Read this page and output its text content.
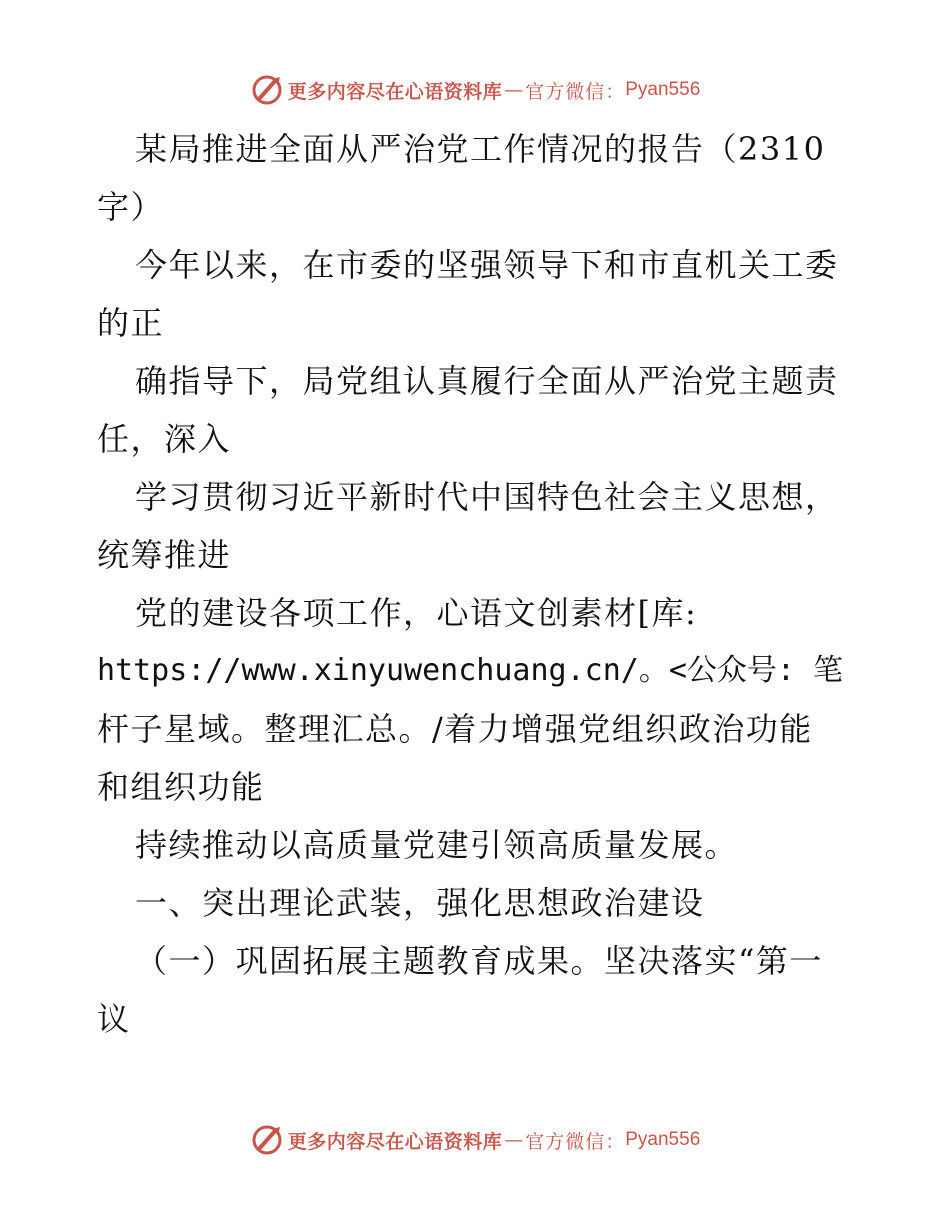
更多内容尽在心语资料库 — 官方微信： Pyan556
某局推进全面从严治党工作情况的报告（2310
字）
今年以来，在市委的坚强领导下和市直机关工委
的正
确指导下，局党组认真履行全面从严治党主题责
任，深入
学习贯彻习近平新时代中国特色社会主义思想，
统筹推进
党的建设各项工作，心语文创素材[库:
https://www.xinyuwenchuang.cn/。<公众号: 笔
杆子星域。整理汇总。/着力增强党组织政治功能
和组织功能
持续推动以高质量党建引领高质量发展。
一、突出理论武装，强化思想政治建设
（一）巩固拓展主题教育成果。坚决落实“第一
议
更多内容尽在心语资料库 — 官方微信： Pyan556
